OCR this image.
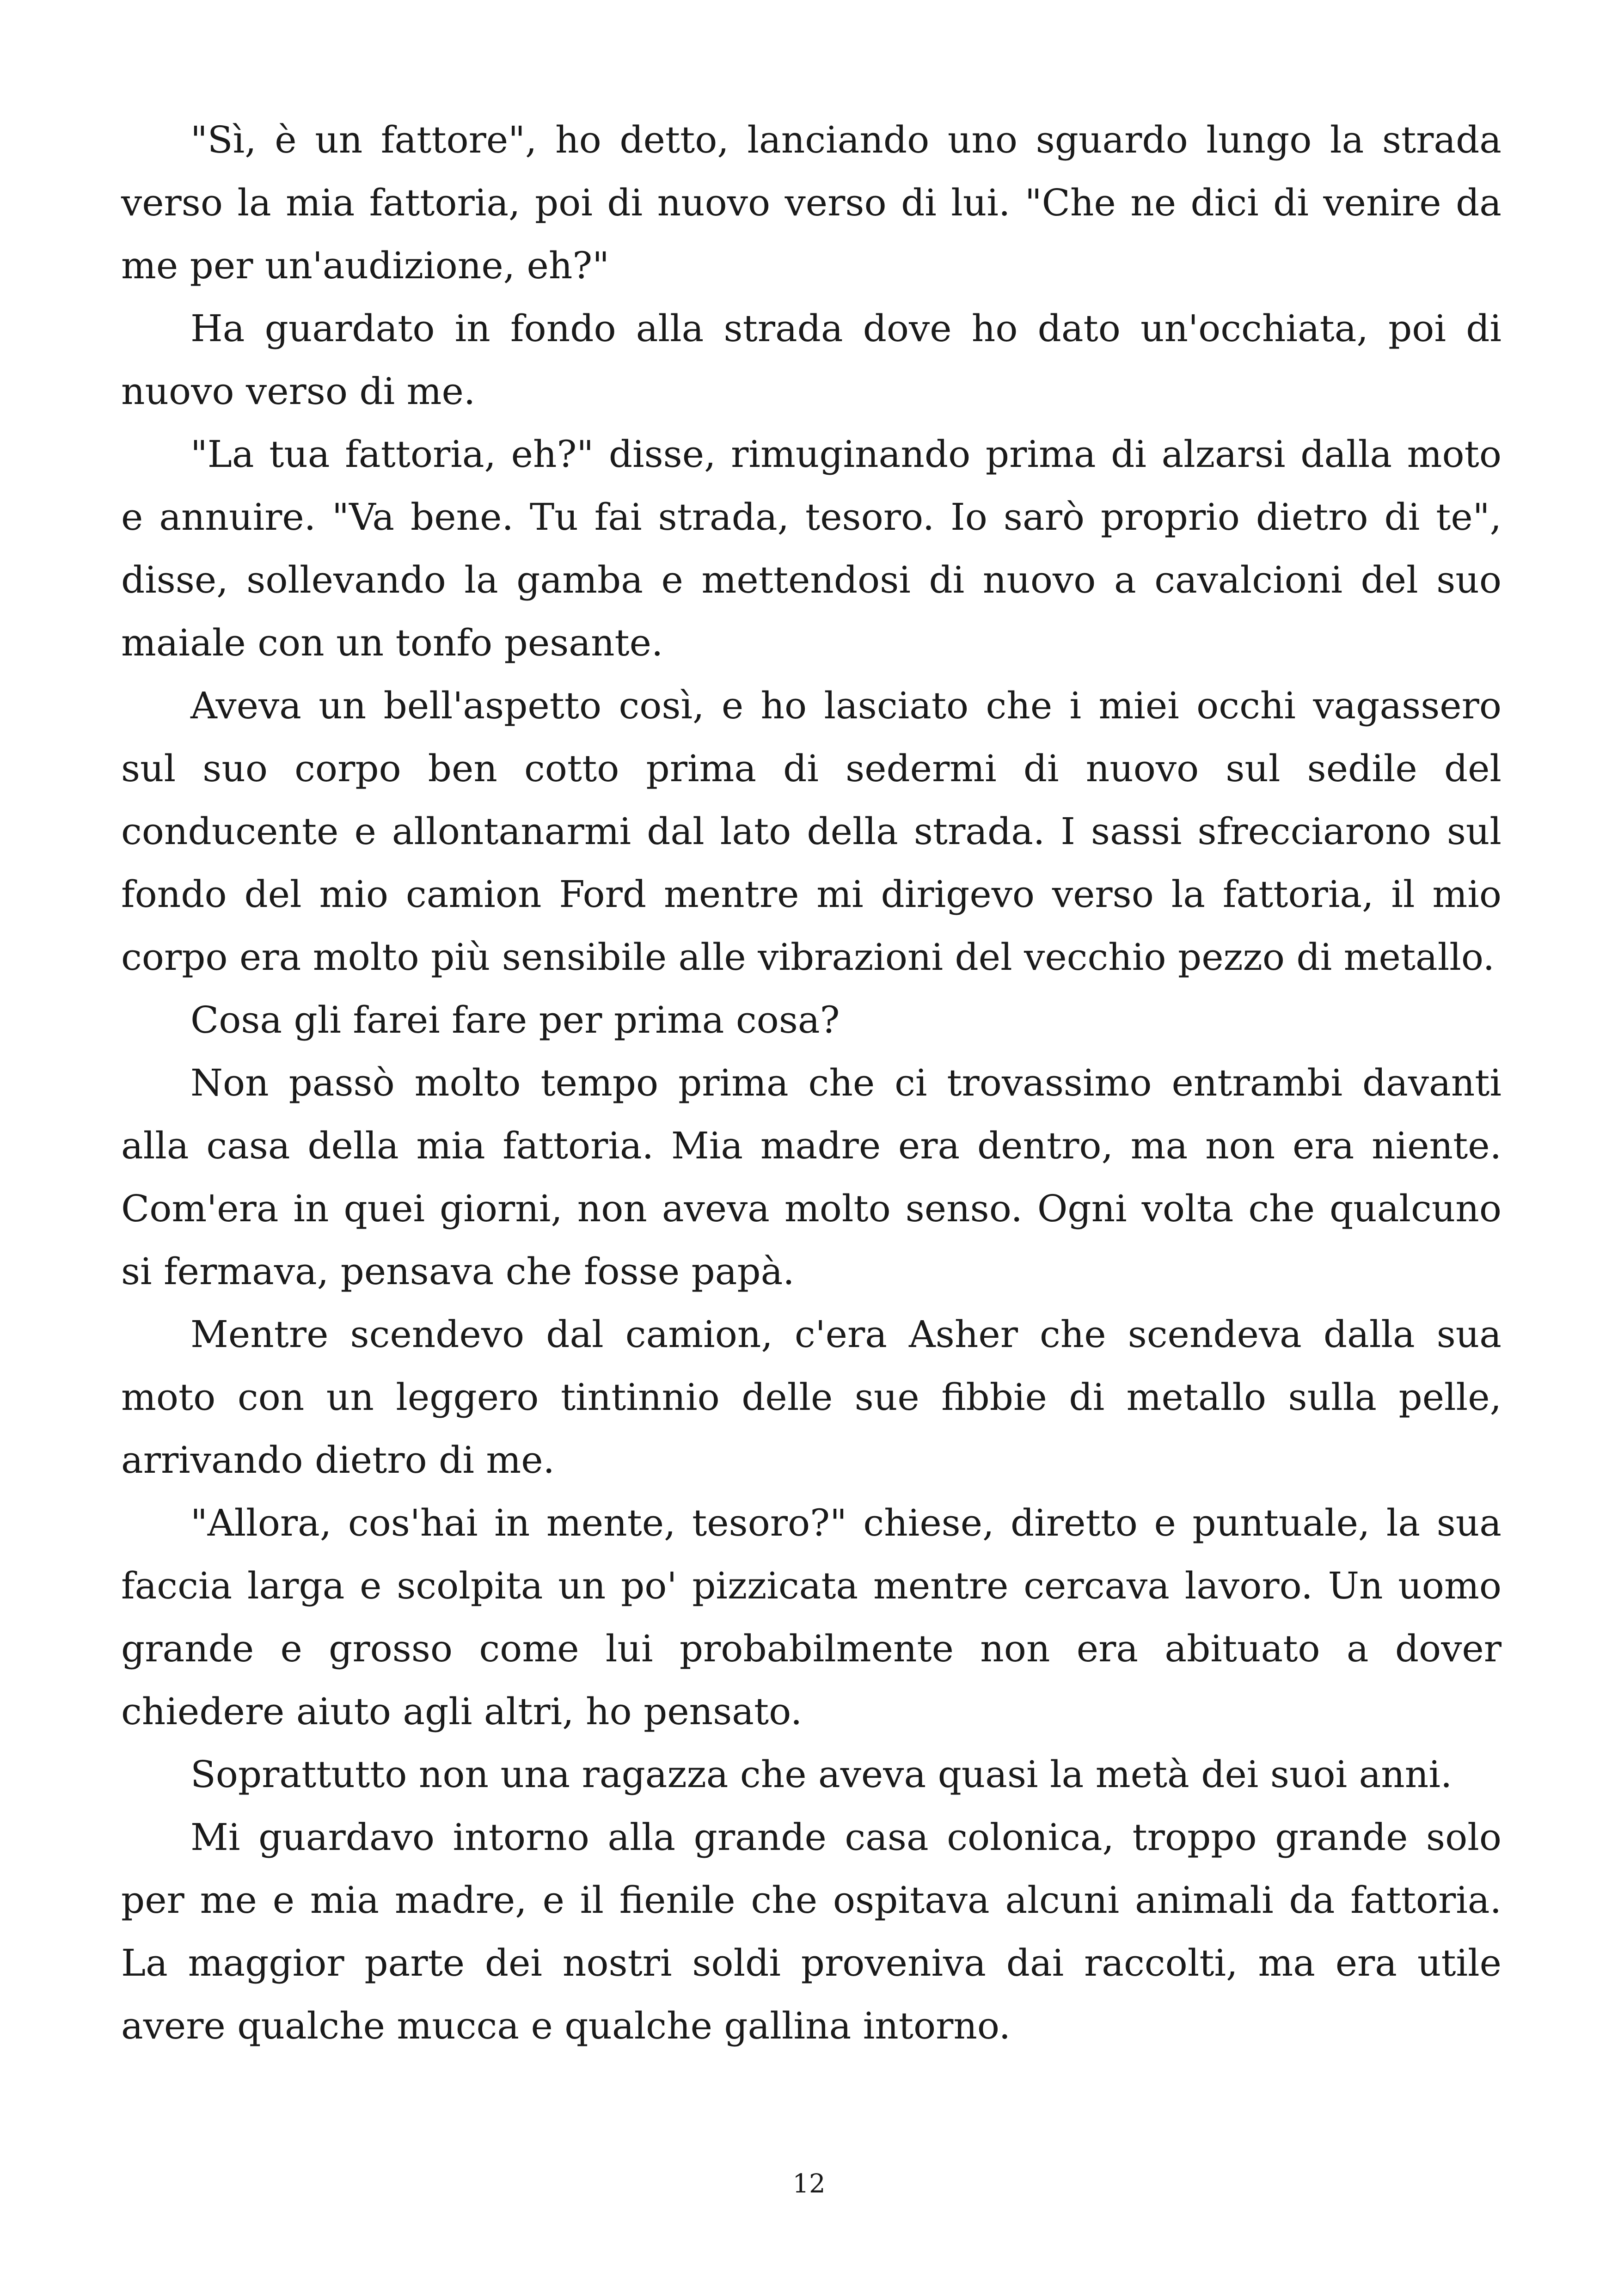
"Sì, è un fattore", ho detto, lanciando uno sguardo lungo la strada verso la mia fattoria, poi di nuovo verso di lui. "Che ne dici di venire da me per un'audizione, eh?"

Ha guardato in fondo alla strada dove ho dato un'occhiata, poi di nuovo verso di me.

"La tua fattoria, eh?" disse, rimuginando prima di alzarsi dalla moto e annuire. "Va bene. Tu fai strada, tesoro. Io sarò proprio dietro di te", disse, sollevando la gamba e mettendosi di nuovo a cavalcioni del suo maiale con un tonfo pesante.

Aveva un bell'aspetto così, e ho lasciato che i miei occhi vagassero sul suo corpo ben cotto prima di sedermi di nuovo sul sedile del conducente e allontanarmi dal lato della strada. I sassi sfrecciarono sul fondo del mio camion Ford mentre mi dirigevo verso la fattoria, il mio corpo era molto più sensibile alle vibrazioni del vecchio pezzo di metallo.

Cosa gli farei fare per prima cosa?

Non passò molto tempo prima che ci trovassimo entrambi davanti alla casa della mia fattoria. Mia madre era dentro, ma non era niente. Com'era in quei giorni, non aveva molto senso. Ogni volta che qualcuno si fermava, pensava che fosse papà.

Mentre scendevo dal camion, c'era Asher che scendeva dalla sua moto con un leggero tintinnio delle sue fibbie di metallo sulla pelle, arrivando dietro di me.

"Allora, cos'hai in mente, tesoro?" chiese, diretto e puntuale, la sua faccia larga e scolpita un po' pizzicata mentre cercava lavoro. Un uomo grande e grosso come lui probabilmente non era abituato a dover chiedere aiuto agli altri, ho pensato.

Soprattutto non una ragazza che aveva quasi la metà dei suoi anni.

Mi guardavo intorno alla grande casa colonica, troppo grande solo per me e mia madre, e il fienile che ospitava alcuni animali da fattoria. La maggior parte dei nostri soldi proveniva dai raccolti, ma era utile avere qualche mucca e qualche gallina intorno.

12
